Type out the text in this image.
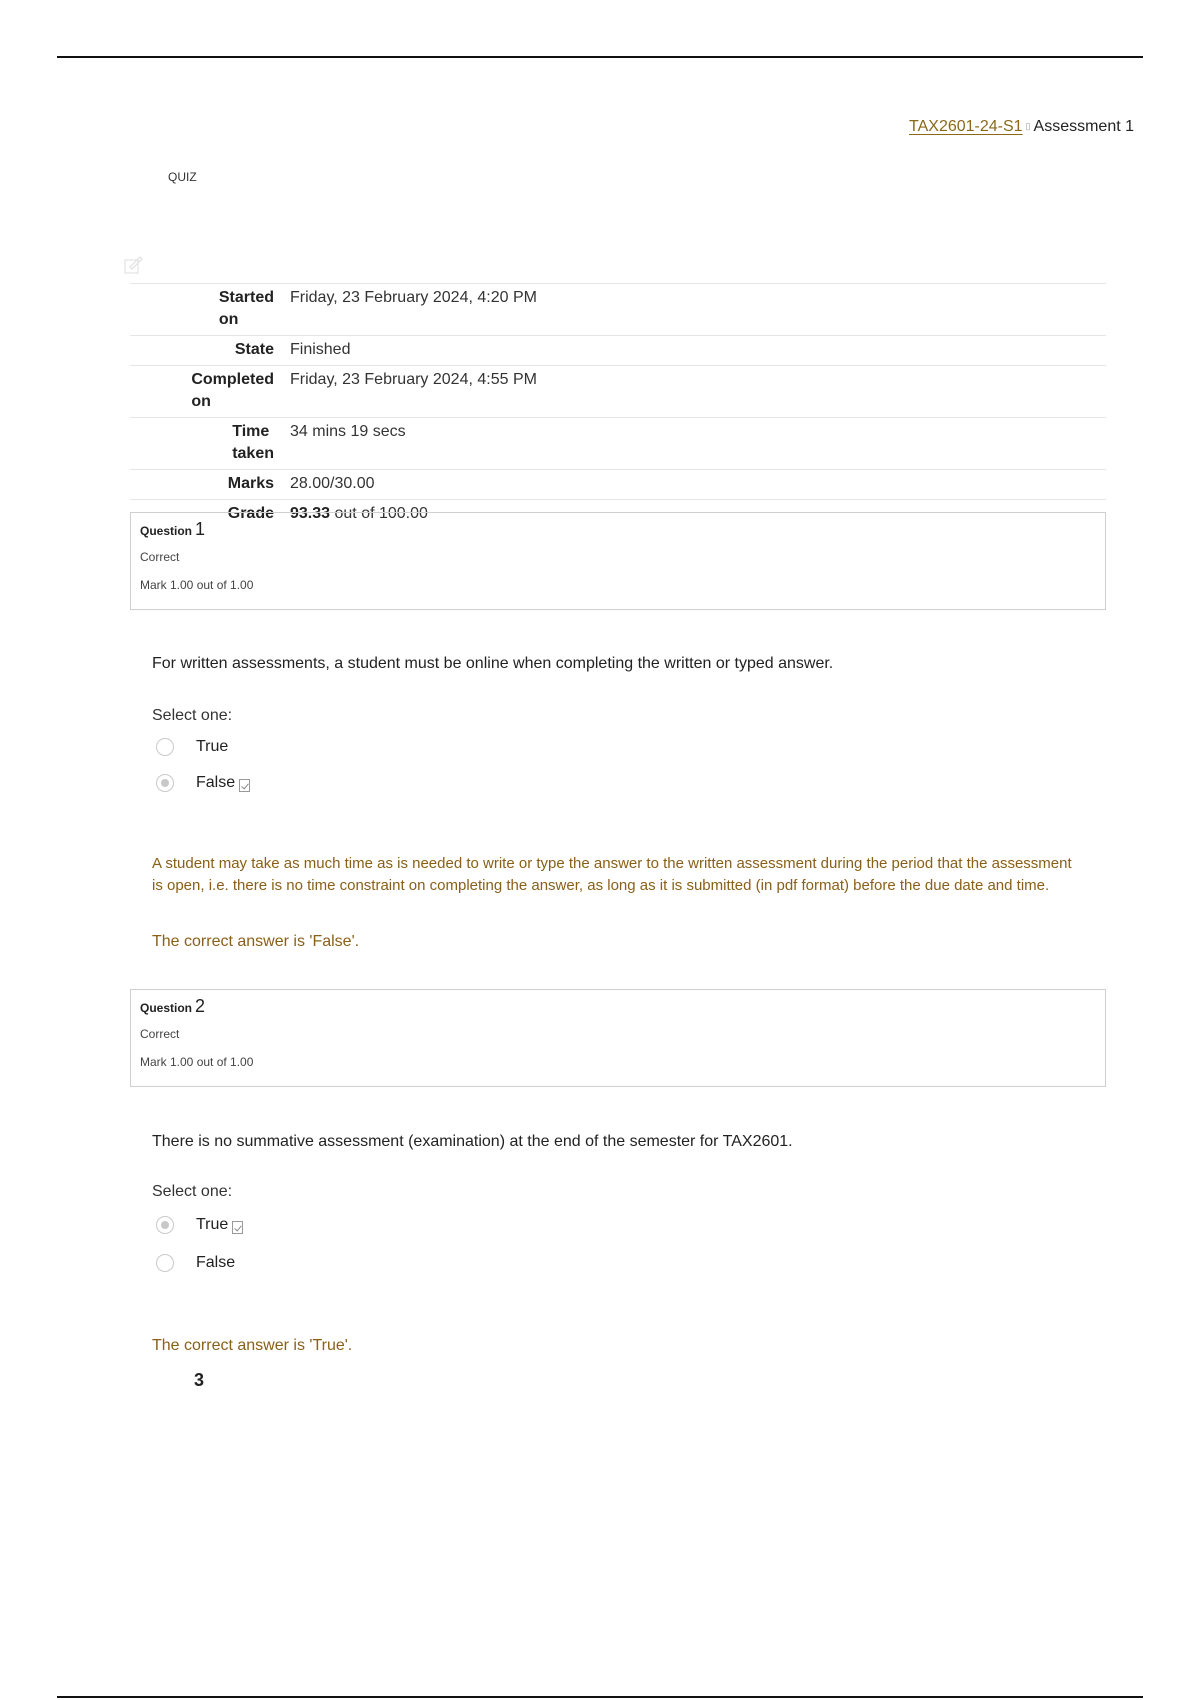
TAX2601-24-S1 ▯ Assessment 1
QUIZ
Started
on	Friday, 23 February 2024, 4:20 PM
State	Finished
Completed
on	Friday, 23 February 2024, 4:55 PM
Time
taken	34 mins 19 secs
Marks	28.00/30.00
Grade	93.33 out of 100.00
Question 1
Correct
Mark 1.00 out of 1.00
For written assessments, a student must be online when completing the written or typed answer.
Select one:
True
False
A student may take as much time as is needed to write or type the answer to the written assessment during the period that the assessment is open, i.e. there is no time constraint on completing the answer, as long as it is submitted (in pdf format) before the due date and time.
The correct answer is 'False'.
Question 2
Correct
Mark 1.00 out of 1.00
There is no summative assessment (examination) at the end of the semester for TAX2601.
Select one:
True
False
The correct answer is 'True'.
3
